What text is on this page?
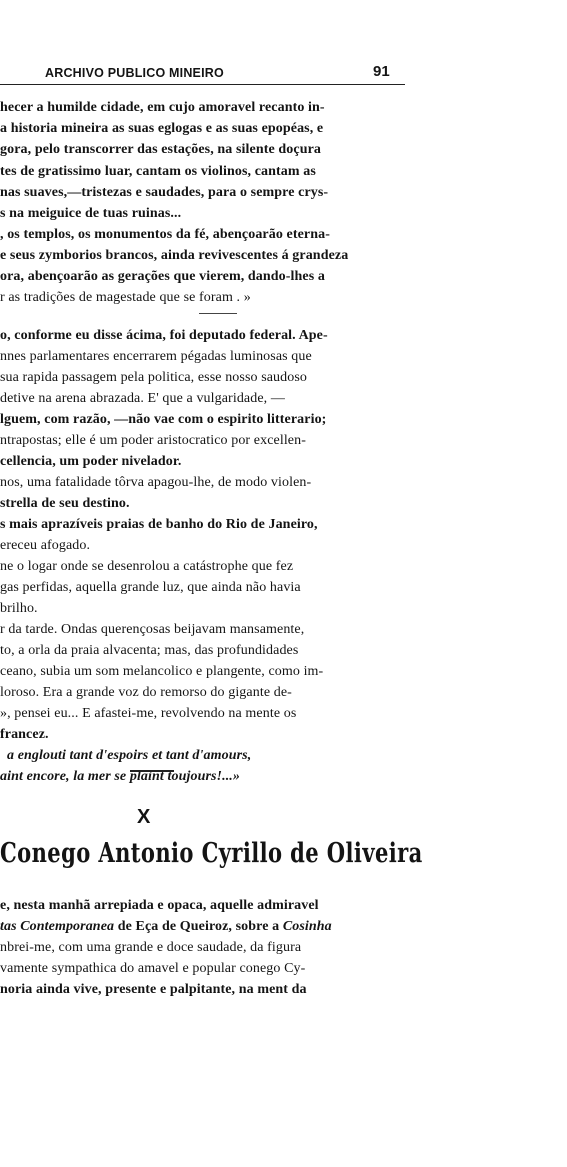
ARCHIVO PUBLICO MINEIRO	91
hecer a humilde cidade, em cujo amoravel recanto in-
a historia mineira as suas eglogas e as suas epopéas, e
gora, pelo transcorrer das estações, na silente doçura
tes de gratissimo luar, cantam os violinos, cantam as
nas suaves,—tristezas e saudades, para o sempre crys-
s na meiguice de tuas ruinas...
, os templos, os monumentos da fé, abençoarão eterna-
e seus zymborios brancos, ainda revivescentes á grandeza
ora, abençoarão as gerações que vierem, dando-lhes a
r as tradições de magestade que se foram . »
o, conforme eu disse ácima, foi deputado federal. Ape-
nnes parlamentares encerrarem pégadas luminosas que
sua rapida passagem pela politica, esse nosso saudoso
detive na arena abrazada. E' que a vulgaridade, —
lguem, com razão, —não vae com o espirito litterario;
ntrapostas; elle é um poder aristocratico por excellen-
cellencia, um poder nivelador.
nos, uma fatalidade tôrva apagou-lhe, de modo violen-
strella de seu destino.
s mais aprazíveis praias de banho do Rio de Janeiro,
ereceu afogado.
ne o logar onde se desenrolou a catástrophe que fez
gas perfidas, aquella grande luz, que ainda não havia
brilho.
r da tarde. Ondas querençosas beijavam mansamente,
to, a orla da praia alvacenta; mas, das profundidades
ceano, subia um som melancolico e plangente, como im-
loroso. Era a grande voz do remorso do gigante de-
», pensei eu... E afastei-me, revolvendo na mente os
francez.
a englouti tant d'espoirs et tant d'amours,
aint encore, la mer se plaint toujours!...»
X
Conego Antonio Cyrillo de Oliveira
e, nesta manhã arrepiada e opaca, aquelle admiravel
tas Contemporanea de Eça de Queiroz, sobre a Cosinha
nbrei-me, com uma grande e doce saudade, da figura
vamente sympathica do amavel e popular conego Cy-
noria ainda vive, presente e palpitante, na ment da
